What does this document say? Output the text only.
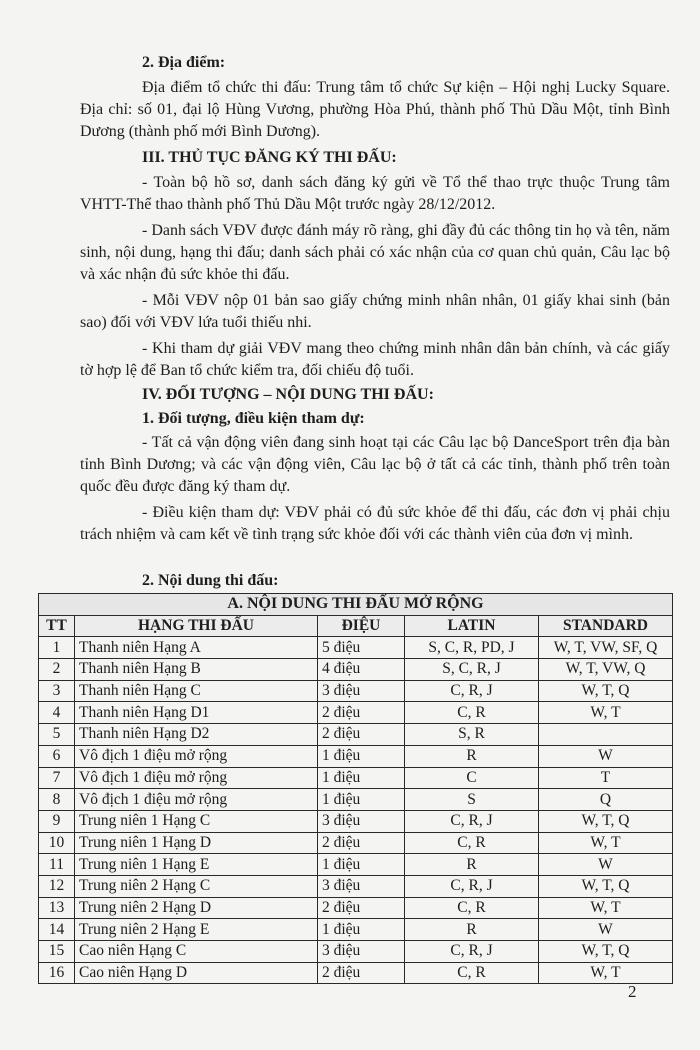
2. Địa điểm:

Địa điểm tổ chức thi đấu: Trung tâm tổ chức Sự kiện – Hội nghị Lucky Square. Địa chỉ: số 01, đại lộ Hùng Vương, phường Hòa Phú, thành phố Thủ Dầu Một, tỉnh Bình Dương (thành phố mới Bình Dương).

III. THỦ TỤC ĐĂNG KÝ THI ĐẤU:

- Toàn bộ hồ sơ, danh sách đăng ký gửi về Tổ thể thao trực thuộc Trung tâm VHTT-Thể thao thành phố Thủ Dầu Một trước ngày 28/12/2012.

- Danh sách VĐV được đánh máy rõ ràng, ghi đầy đủ các thông tin họ và tên, năm sinh, nội dung, hạng thi đấu; danh sách phải có xác nhận của cơ quan chủ quản, Câu lạc bộ và xác nhận đủ sức khỏe thi đấu.

- Mỗi VĐV nộp 01 bản sao giấy chứng minh nhân nhân, 01 giấy khai sinh (bản sao) đối với VĐV lứa tuổi thiếu nhi.

- Khi tham dự giải VĐV mang theo chứng minh nhân dân bản chính, và các giấy tờ hợp lệ để Ban tổ chức kiểm tra, đối chiếu độ tuổi.

IV. ĐỐI TƯỢNG – NỘI DUNG THI ĐẤU:

1. Đối tượng, điều kiện tham dự:

- Tất cả vận động viên đang sinh hoạt tại các Câu lạc bộ DanceSport trên địa bàn tỉnh Bình Dương; và các vận động viên, Câu lạc bộ ở tất cả các tỉnh, thành phố trên toàn quốc đều được đăng ký tham dự.

- Điều kiện tham dự: VĐV phải có đủ sức khỏe để thi đấu, các đơn vị phải chịu trách nhiệm và cam kết về tình trạng sức khỏe đối với các thành viên của đơn vị mình.

2. Nội dung thi đấu:

A. NỘI DUNG THI ĐẤU MỞ RỘNG				
TT	HẠNG THI ĐẤU	ĐIỆU	LATIN	STANDARD
1	Thanh niên Hạng A	5 điệu	S, C, R, PD, J	W, T, VW, SF, Q
2	Thanh niên Hạng B	4 điệu	S, C, R, J	W, T, VW, Q
3	Thanh niên Hạng C	3 điệu	C, R, J	W, T, Q
4	Thanh niên Hạng D1	2 điệu	C, R	W, T
5	Thanh niên Hạng D2	2 điệu	S, R	
6	Vô địch 1 điệu mở rộng	1 điệu	R	W
7	Vô địch 1 điệu mở rộng	1 điệu	C	T
8	Vô địch 1 điệu mở rộng	1 điệu	S	Q
9	Trung niên 1 Hạng C	3 điệu	C, R, J	W, T, Q
10	Trung niên 1 Hạng D	2 điệu	C, R	W, T
11	Trung niên 1 Hạng E	1 điệu	R	W
12	Trung niên 2 Hạng C	3 điệu	C, R, J	W, T, Q
13	Trung niên 2 Hạng D	2 điệu	C, R	W, T
14	Trung niên 2 Hạng E	1 điệu	R	W
15	Cao niên Hạng C	3 điệu	C, R, J	W, T, Q
16	Cao niên Hạng D	2 điệu	C, R	W, T
2
